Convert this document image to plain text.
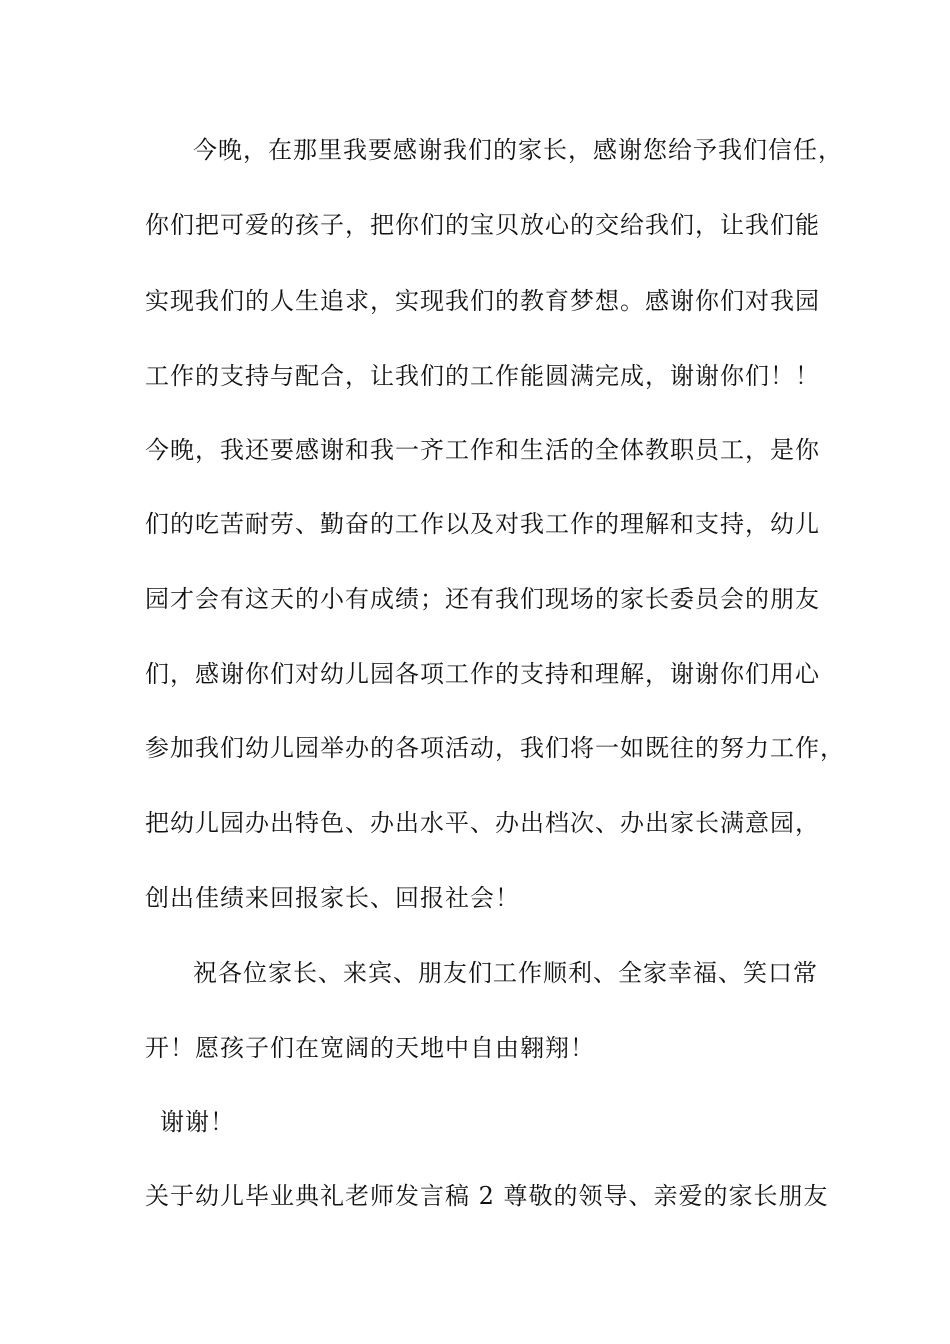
今晚，在那里我要感谢我们的家长，感谢您给予我们信任，

你们把可爱的孩子，把你们的宝贝放心的交给我们，让我们能

实现我们的人生追求，实现我们的教育梦想。感谢你们对我园

工作的支持与配合，让我们的工作能圆满完成，谢谢你们！！

今晚，我还要感谢和我一齐工作和生活的全体教职员工，是你

们的吃苦耐劳、勤奋的工作以及对我工作的理解和支持，幼儿

园才会有这天的小有成绩；还有我们现场的家长委员会的朋友

们，感谢你们对幼儿园各项工作的支持和理解，谢谢你们用心

参加我们幼儿园举办的各项活动，我们将一如既往的努力工作，

把幼儿园办出特色、办出水平、办出档次、办出家长满意园，

创出佳绩来回报家长、回报社会！

祝各位家长、来宾、朋友们工作顺利、全家幸福、笑口常

开！愿孩子们在宽阔的天地中自由翱翔！

谢谢！

关于幼儿毕业典礼老师发言稿 2 尊敬的领导、亲爱的家长朋友
